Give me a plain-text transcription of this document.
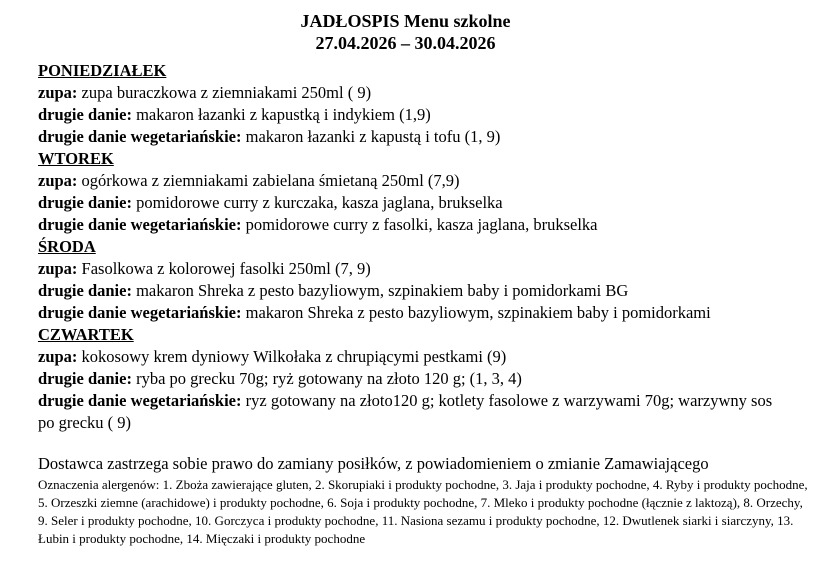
JADŁOSPIS Menu szkolne
27.04.2026 – 30.04.2026
PONIEDZIAŁEK
zupa: zupa buraczkowa z ziemniakami 250ml ( 9)
drugie danie: makaron łazanki z kapustką i indykiem (1,9)
drugie danie wegetariańskie: makaron łazanki z kapustą i tofu (1, 9)
WTOREK
zupa: ogórkowa z ziemniakami zabielana śmietaną 250ml (7,9)
drugie danie: pomidorowe curry z kurczaka, kasza jaglana, brukselka
drugie danie wegetariańskie: pomidorowe curry z fasolki, kasza jaglana, brukselka
ŚRODA
zupa: Fasolkowa z kolorowej fasolki 250ml (7, 9)
drugie danie: makaron Shreka z pesto bazyliowym, szpinakiem baby i pomidorkami BG
drugie danie wegetariańskie: makaron Shreka z pesto bazyliowym, szpinakiem baby i pomidorkami
CZWARTEK
zupa: kokosowy krem dyniowy Wilkołaka z chrupiącymi pestkami (9)
drugie danie: ryba po grecku 70g; ryż gotowany na złoto 120 g; (1, 3, 4)
drugie danie wegetariańskie: ryz gotowany na złoto120 g; kotlety fasolowe z warzywami 70g; warzywny sos po grecku ( 9)
Dostawca zastrzega sobie prawo do zamiany posiłków, z powiadomieniem o zmianie Zamawiającego
Oznaczenia alergenów: 1. Zboża zawierające gluten, 2. Skorupiaki i produkty pochodne, 3. Jaja i produkty pochodne, 4. Ryby i produkty pochodne, 5. Orzeszki ziemne (arachidowe) i produkty pochodne, 6. Soja i produkty pochodne, 7. Mleko i produkty pochodne (łącznie z laktozą), 8. Orzechy, 9. Seler i produkty pochodne, 10. Gorczyca i produkty pochodne, 11. Nasiona sezamu i produkty pochodne, 12. Dwutlenek siarki i siarczyny, 13. Łubin i produkty pochodne, 14. Mięczaki i produkty pochodne
